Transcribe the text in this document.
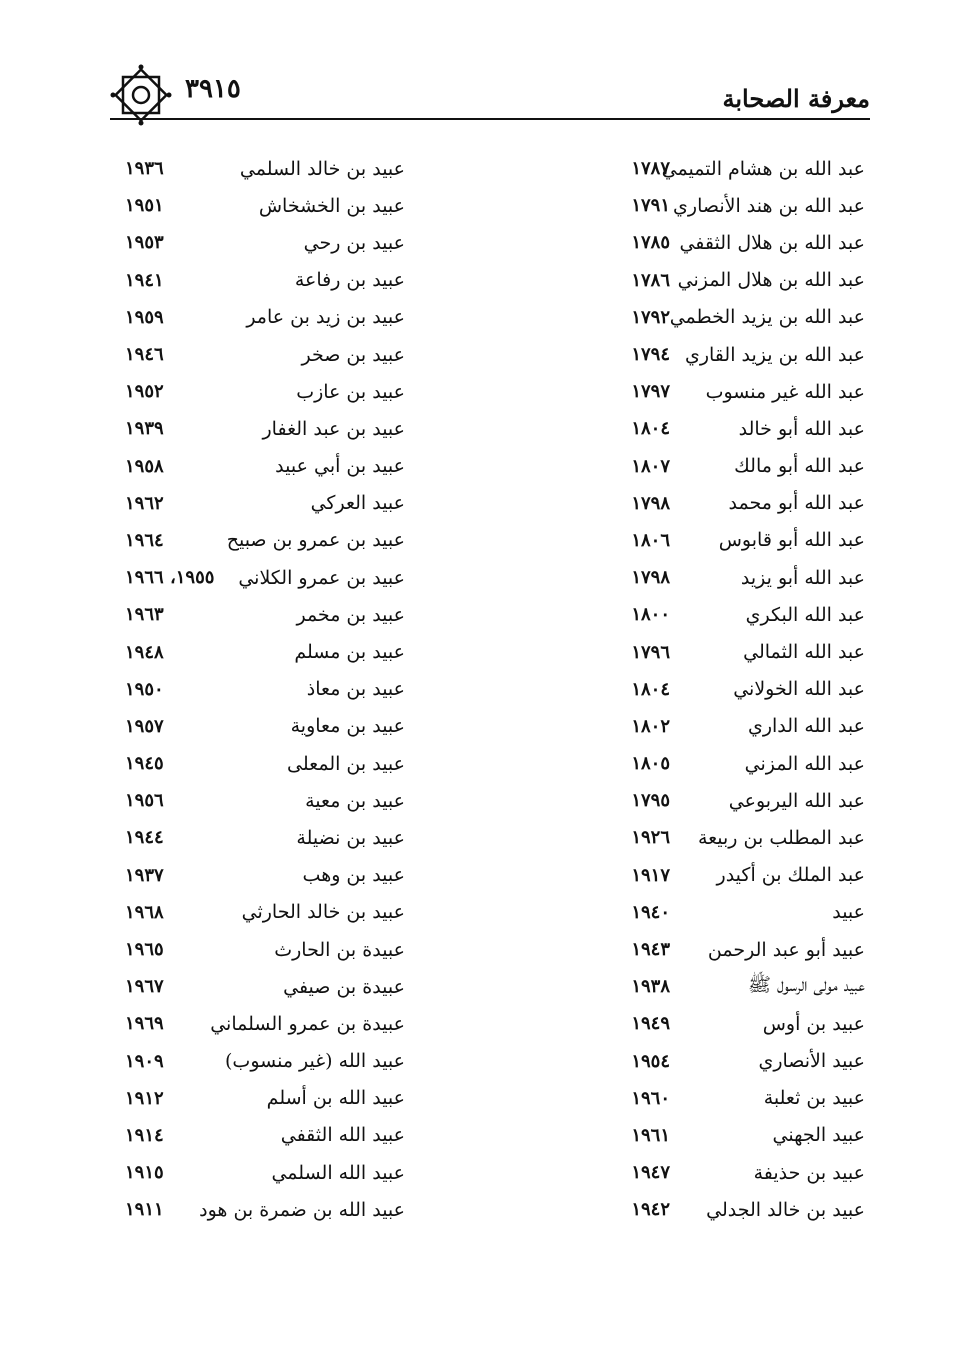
معرفة الصحابة
٣٩١٥
عبد الله بن هشام التميمي
١٧٨٧
عبيد بن خالد السلمي
١٩٣٦
عبد الله بن هند الأنصاري
١٧٩١
عبيد بن الخشخاش
١٩٥١
عبد الله بن هلال الثقفي
١٧٨٥
عبيد بن رحي
١٩٥٣
عبد الله بن هلال المزني
١٧٨٦
عبيد بن رفاعة
١٩٤١
عبد الله بن يزيد الخطمي
١٧٩٢
عبيد بن زيد بن عامر
١٩٥٩
عبد الله بن يزيد القاري
١٧٩٤
عبيد بن صخر
١٩٤٦
عبد الله غير منسوب
١٧٩٧
عبيد بن عازب
١٩٥٢
عبد الله أبو خالد
١٨٠٤
عبيد بن عبد الغفار
١٩٣٩
عبد الله أبو مالك
١٨٠٧
عبيد بن أبي عبيد
١٩٥٨
عبد الله أبو محمد
١٧٩٨
عبيد العركي
١٩٦٢
عبد الله أبو قابوس
١٨٠٦
عبيد بن عمرو بن صبيح
١٩٦٤
عبد الله أبو يزيد
١٧٩٨
عبيد بن عمرو الكلاني
١٩٥٥، ١٩٦٦
عبد الله البكري
١٨٠٠
عبيد بن مخمر
١٩٦٣
عبد الله الثمالي
١٧٩٦
عبيد بن مسلم
١٩٤٨
عبد الله الخولاني
١٨٠٤
عبيد بن معاذ
١٩٥٠
عبد الله الداري
١٨٠٢
عبيد بن معاوية
١٩٥٧
عبد الله المزني
١٨٠٥
عبيد بن المعلى
١٩٤٥
عبد الله اليربوعي
١٧٩٥
عبيد بن معية
١٩٥٦
عبد المطلب بن ربيعة
١٩٢٦
عبيد بن نضيلة
١٩٤٤
عبد الملك بن أكيدر
١٩١٧
عبيد بن وهب
١٩٣٧
عبيد
١٩٤٠
عبيد بن خالد الحارثي
١٩٦٨
عبيد أبو عبد الرحمن
١٩٤٣
عبيدة بن الحارث
١٩٦٥
عبيد مولى الرسول ﷺ
١٩٣٨
عبيدة بن صيفي
١٩٦٧
عبيد بن أوس
١٩٤٩
عبيدة بن عمرو السلماني
١٩٦٩
عبيد الأنصاري
١٩٥٤
عبيد الله (غير منسوب)
١٩٠٩
عبيد بن ثعلبة
١٩٦٠
عبيد الله بن أسلم
١٩١٢
عبيد الجهني
١٩٦١
عبيد الله الثقفي
١٩١٤
عبيد بن حذيفة
١٩٤٧
عبيد الله السلمي
١٩١٥
عبيد بن خالد الجدلي
١٩٤٢
عبيد الله بن ضمرة بن هود
١٩١١
